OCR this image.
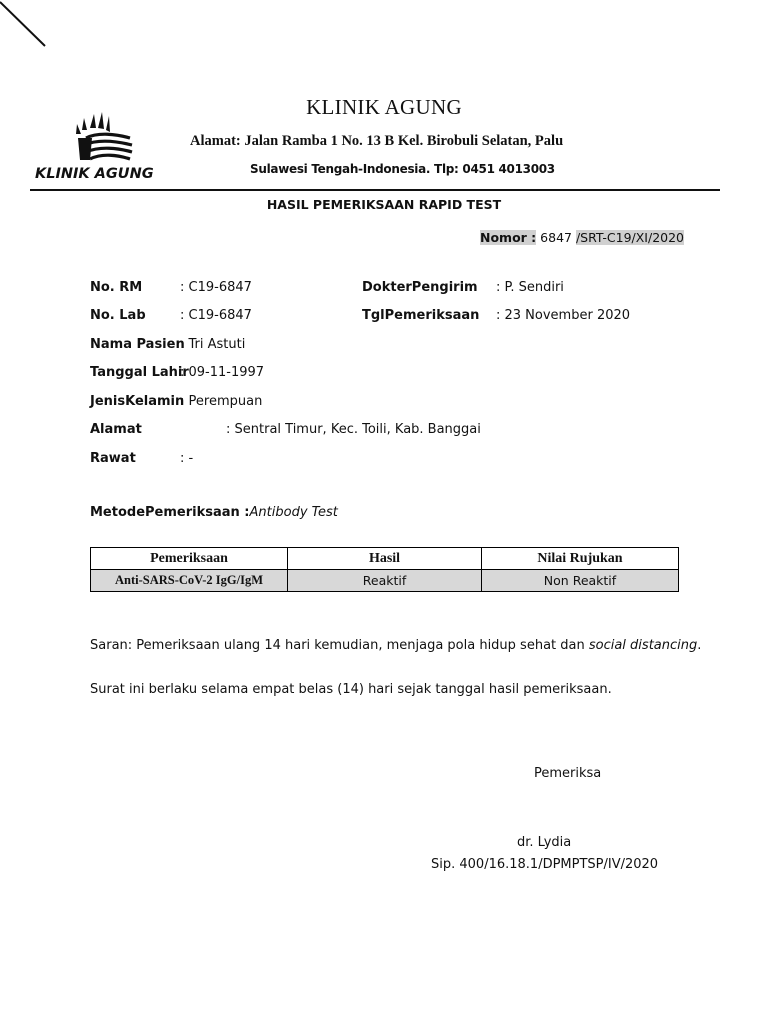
KLINIK AGUNG
KLINIK AGUNG
Alamat: Jalan Ramba 1 No. 13 B Kel. Birobuli Selatan, Palu
Sulawesi Tengah-Indonesia. Tlp: 0451 4013003
HASIL PEMERIKSAAN RAPID TEST
Nomor : 6847 /SRT-C19/XI/2020
No. RM	: C19-6847
No. Lab	: C19-6847
Nama Pasien
: Tri Astuti
Tanggal Lahir
: 09-11-1997
JenisKelamin
: Perempuan
Alamat	: Sentral Timur, Kec. Toili, Kab. Banggai
Rawat	: -
DokterPengirim : P. Sendiri
TglPemeriksaan : 23 November 2020
MetodePemeriksaan :Antibody Test
Pemeriksaan	Hasil	Nilai Rujukan
Anti-SARS-CoV-2 IgG/IgM	Reaktif	Non Reaktif
Saran: Pemeriksaan ulang 14 hari kemudian, menjaga pola hidup sehat dan social distancing.
Surat ini berlaku selama empat belas (14) hari sejak tanggal hasil pemeriksaan.
Pemeriksa
dr. Lydia
Sip. 400/16.18.1/DPMPTSP/IV/2020
